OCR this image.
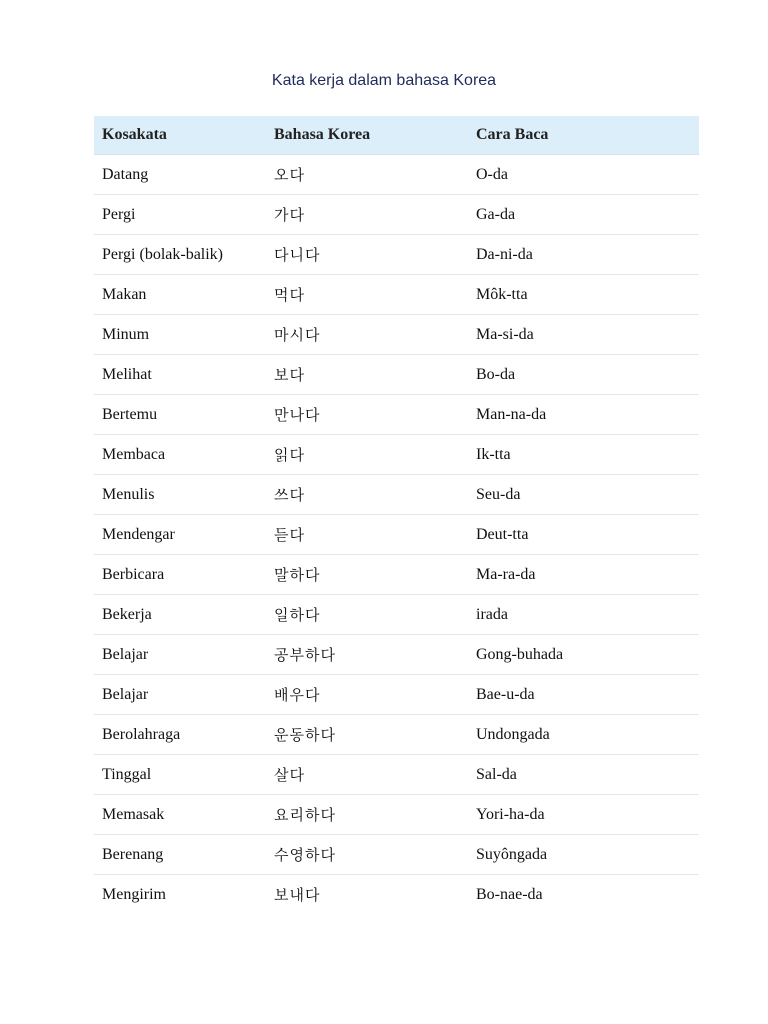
Kata kerja dalam bahasa Korea
Kosakata	Bahasa Korea	Cara Baca
Datang	오다	O-da
Pergi	가다	Ga-da
Pergi (bolak-balik)	다니다	Da-ni-da
Makan	먹다	Môk-tta
Minum	마시다	Ma-si-da
Melihat	보다	Bo-da
Bertemu	만나다	Man-na-da
Membaca	읽다	Ik-tta
Menulis	쓰다	Seu-da
Mendengar	듣다	Deut-tta
Berbicara	말하다	Ma-ra-da
Bekerja	일하다	irada
Belajar	공부하다	Gong-buhada
Belajar	배우다	Bae-u-da
Berolahraga	운동하다	Undongada
Tinggal	살다	Sal-da
Memasak	요리하다	Yori-ha-da
Berenang	수영하다	Suyôngada
Mengirim	보내다	Bo-nae-da
